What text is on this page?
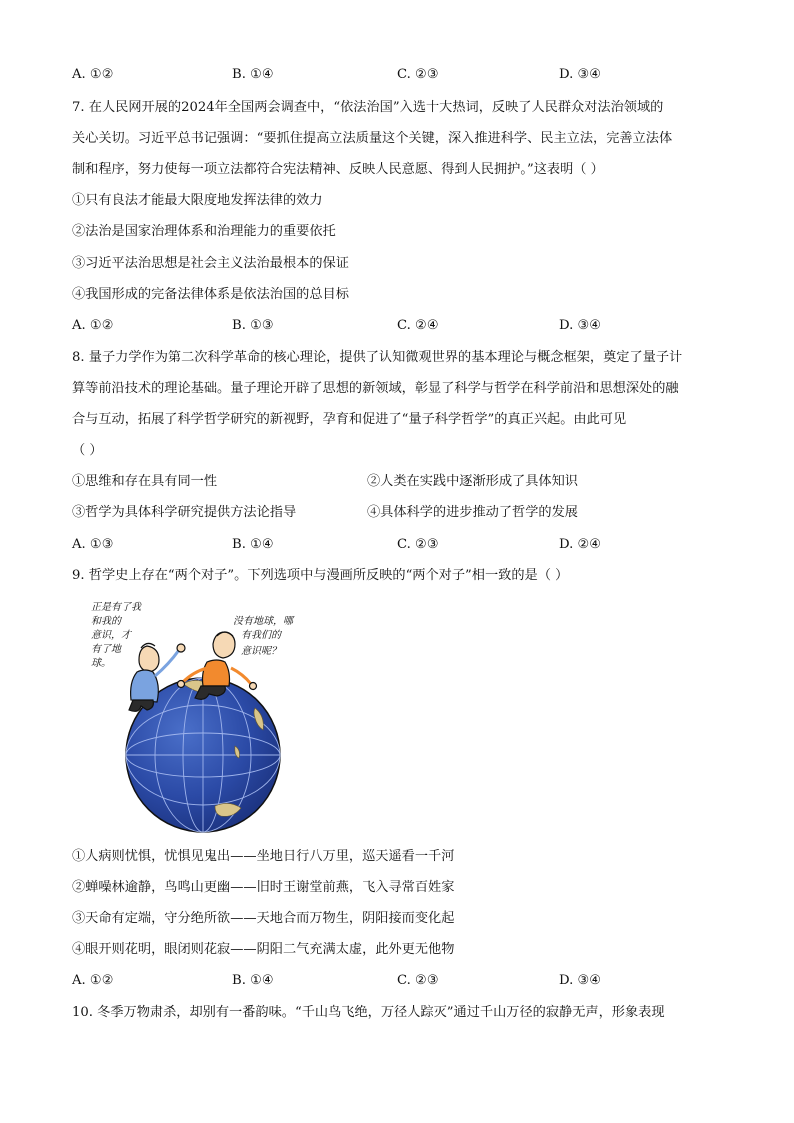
A. ①②	B. ①④	C. ②③	D. ③④
7. 在人民网开展的2024年全国两会调查中，“依法治国”入选十大热词，反映了人民群众对法治领域的
关心关切。习近平总书记强调：“要抓住提高立法质量这个关键，深入推进科学、民主立法，完善立法体
制和程序，努力使每一项立法都符合宪法精神、反映人民意愿、得到人民拥护。”这表明（ ）
①只有良法才能最大限度地发挥法律的效力
②法治是国家治理体系和治理能力的重要依托
③习近平法治思想是社会主义法治最根本的保证
④我国形成的完备法律体系是依法治国的总目标
A. ①②	B. ①③	C. ②④	D. ③④
8. 量子力学作为第二次科学革命的核心理论，提供了认知微观世界的基本理论与概念框架，奠定了量子计
算等前沿技术的理论基础。量子理论开辟了思想的新领域，彰显了科学与哲学在科学前沿和思想深处的融
合与互动，拓展了科学哲学研究的新视野，孕育和促进了“量子科学哲学”的真正兴起。由此可见
（ ）
①思维和存在具有同一性	②人类在实践中逐渐形成了具体知识
③哲学为具体科学研究提供方法论指导	④具体科学的进步推动了哲学的发展
A. ①③	B. ①④	C. ②③	D. ②④
9. 哲学史上存在“两个对子”。下列选项中与漫画所反映的“两个对子”相一致的是（ ）
正是有了我
和我的
意识，才
有了地
球。
没有地球，哪
有我们的
意识呢？
①人病则忧惧，忧惧见鬼出——坐地日行八万里，巡天遥看一千河
②蝉噪林逾静，鸟鸣山更幽——旧时王谢堂前燕，飞入寻常百姓家
③天命有定端，守分绝所欲——天地合而万物生，阴阳接而变化起
④眼开则花明，眼闭则花寂——阴阳二气充满太虚，此外更无他物
A. ①②	B. ①④	C. ②③	D. ③④
10. 冬季万物肃杀，却别有一番韵味。“千山鸟飞绝，万径人踪灭”通过千山万径的寂静无声，形象表现
